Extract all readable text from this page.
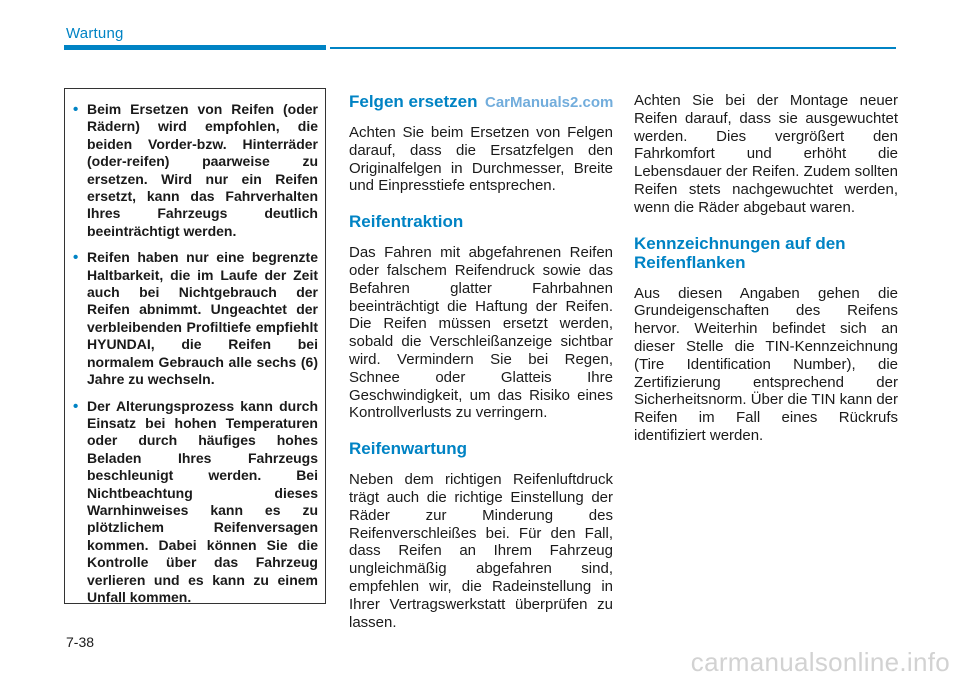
Wartung
• Beim Ersetzen von Reifen (oder Rädern) wird empfohlen, die beiden Vorder-bzw. Hinterräder (oder-reifen) paarweise zu ersetzen. Wird nur ein Reifen ersetzt, kann das Fahrverhalten Ihres Fahrzeugs deutlich beeinträchtigt werden.
• Reifen haben nur eine begrenzte Haltbarkeit, die im Laufe der Zeit auch bei Nichtgebrauch der Reifen abnimmt. Ungeachtet der verbleibenden Profiltiefe empfiehlt HYUNDAI, die Reifen bei normalem Gebrauch alle sechs (6) Jahre zu wechseln.
• Der Alterungsprozess kann durch Einsatz bei hohen Temperaturen oder durch häufiges hohes Beladen Ihres Fahrzeugs beschleunigt werden. Bei Nichtbeachtung dieses Warnhinweises kann es zu plötzlichem Reifenversagen kommen. Dabei können Sie die Kontrolle über das Fahrzeug verlieren und es kann zu einem Unfall kommen.
Felgen ersetzen CarManuals2.com

Achten Sie beim Ersetzen von Felgen darauf, dass die Ersatzfelgen den Originalfelgen in Durchmesser, Breite und Einpresstiefe entsprechen.

Reifentraktion

Das Fahren mit abgefahrenen Reifen oder falschem Reifendruck sowie das Befahren glatter Fahrbahnen beeinträchtigt die Haftung der Reifen. Die Reifen müssen ersetzt werden, sobald die Verschleißanzeige sichtbar wird. Vermindern Sie bei Regen, Schnee oder Glatteis Ihre Geschwindigkeit, um das Risiko eines Kontrollverlusts zu verringern.

Reifenwartung

Neben dem richtigen Reifenluftdruck trägt auch die richtige Einstellung der Räder zur Minderung des Reifenverschleißes bei. Für den Fall, dass Reifen an Ihrem Fahrzeug ungleichmäßig abgefahren sind, empfehlen wir, die Radeinstellung in Ihrer Vertragswerkstatt überprüfen zu lassen.

Achten Sie bei der Montage neuer Reifen darauf, dass sie ausgewuchtet werden. Dies vergrößert den Fahrkomfort und erhöht die Lebensdauer der Reifen. Zudem sollten Reifen stets nachgewuchtet werden, wenn die Räder abgebaut waren.

Kennzeichnungen auf den Reifenflanken

Aus diesen Angaben gehen die Grundeigenschaften des Reifens hervor. Weiterhin befindet sich an dieser Stelle die TIN-Kennzeichnung (Tire Identification Number), die Zertifizierung entsprechend der Sicherheitsnorm. Über die TIN kann der Reifen im Fall eines Rückrufs identifiziert werden.

7-38
carmanualsonline.info
